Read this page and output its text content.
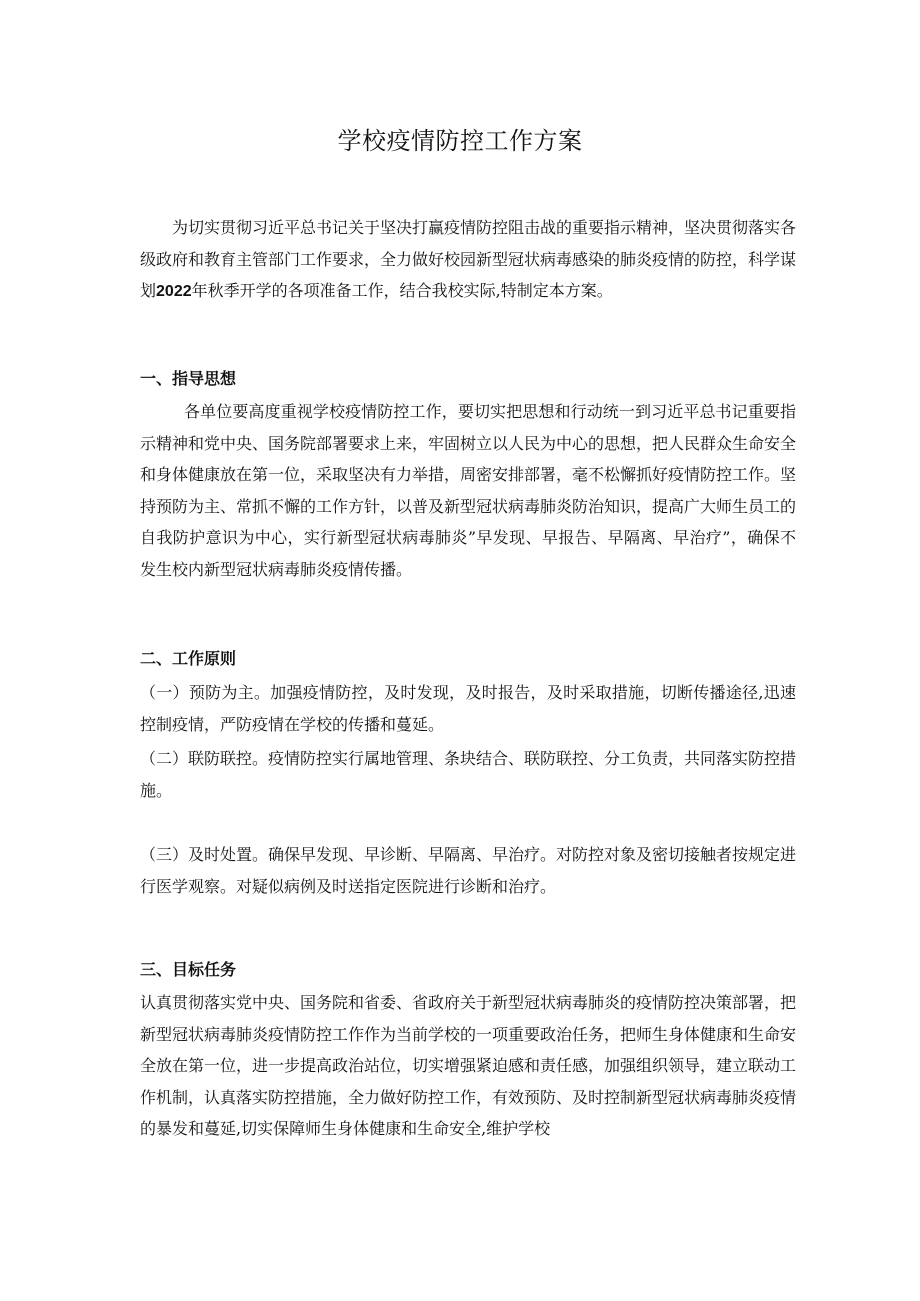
学校疫情防控工作方案

为切实贯彻习近平总书记关于坚决打赢疫情防控阻击战的重要指示精神，坚决贯彻落实各级政府和教育主管部门工作要求，全力做好校园新型冠状病毒感染的肺炎疫情的防控，科学谋划2022年秋季开学的各项准备工作，结合我校实际,特制定本方案。

一、指导思想

各单位要高度重视学校疫情防控工作，要切实把思想和行动统一到习近平总书记重要指示精神和党中央、国务院部署要求上来，牢固树立以人民为中心的思想，把人民群众生命安全和身体健康放在第一位，采取坚决有力举措，周密安排部署，毫不松懈抓好疫情防控工作。坚持预防为主、常抓不懈的工作方针，以普及新型冠状病毒肺炎防治知识，提高广大师生员工的自我防护意识为中心，实行新型冠状病毒肺炎”早发现、早报告、早隔离、早治疗”，确保不发生校内新型冠状病毒肺炎疫情传播。

二、工作原则

（一）预防为主。加强疫情防控，及时发现，及时报告，及时采取措施，切断传播途径,迅速控制疫情，严防疫情在学校的传播和蔓延。

（二）联防联控。疫情防控实行属地管理、条块结合、联防联控、分工负责，共同落实防控措施。

（三）及时处置。确保早发现、早诊断、早隔离、早治疗。对防控对象及密切接触者按规定进行医学观察。对疑似病例及时送指定医院进行诊断和治疗。

三、目标任务

认真贯彻落实党中央、国务院和省委、省政府关于新型冠状病毒肺炎的疫情防控决策部署，把新型冠状病毒肺炎疫情防控工作作为当前学校的一项重要政治任务，把师生身体健康和生命安全放在第一位，进一步提高政治站位，切实增强紧迫感和责任感，加强组织领导，建立联动工作机制，认真落实防控措施，全力做好防控工作，有效预防、及时控制新型冠状病毒肺炎疫情的暴发和蔓延,切实保障师生身体健康和生命安全,维护学校
